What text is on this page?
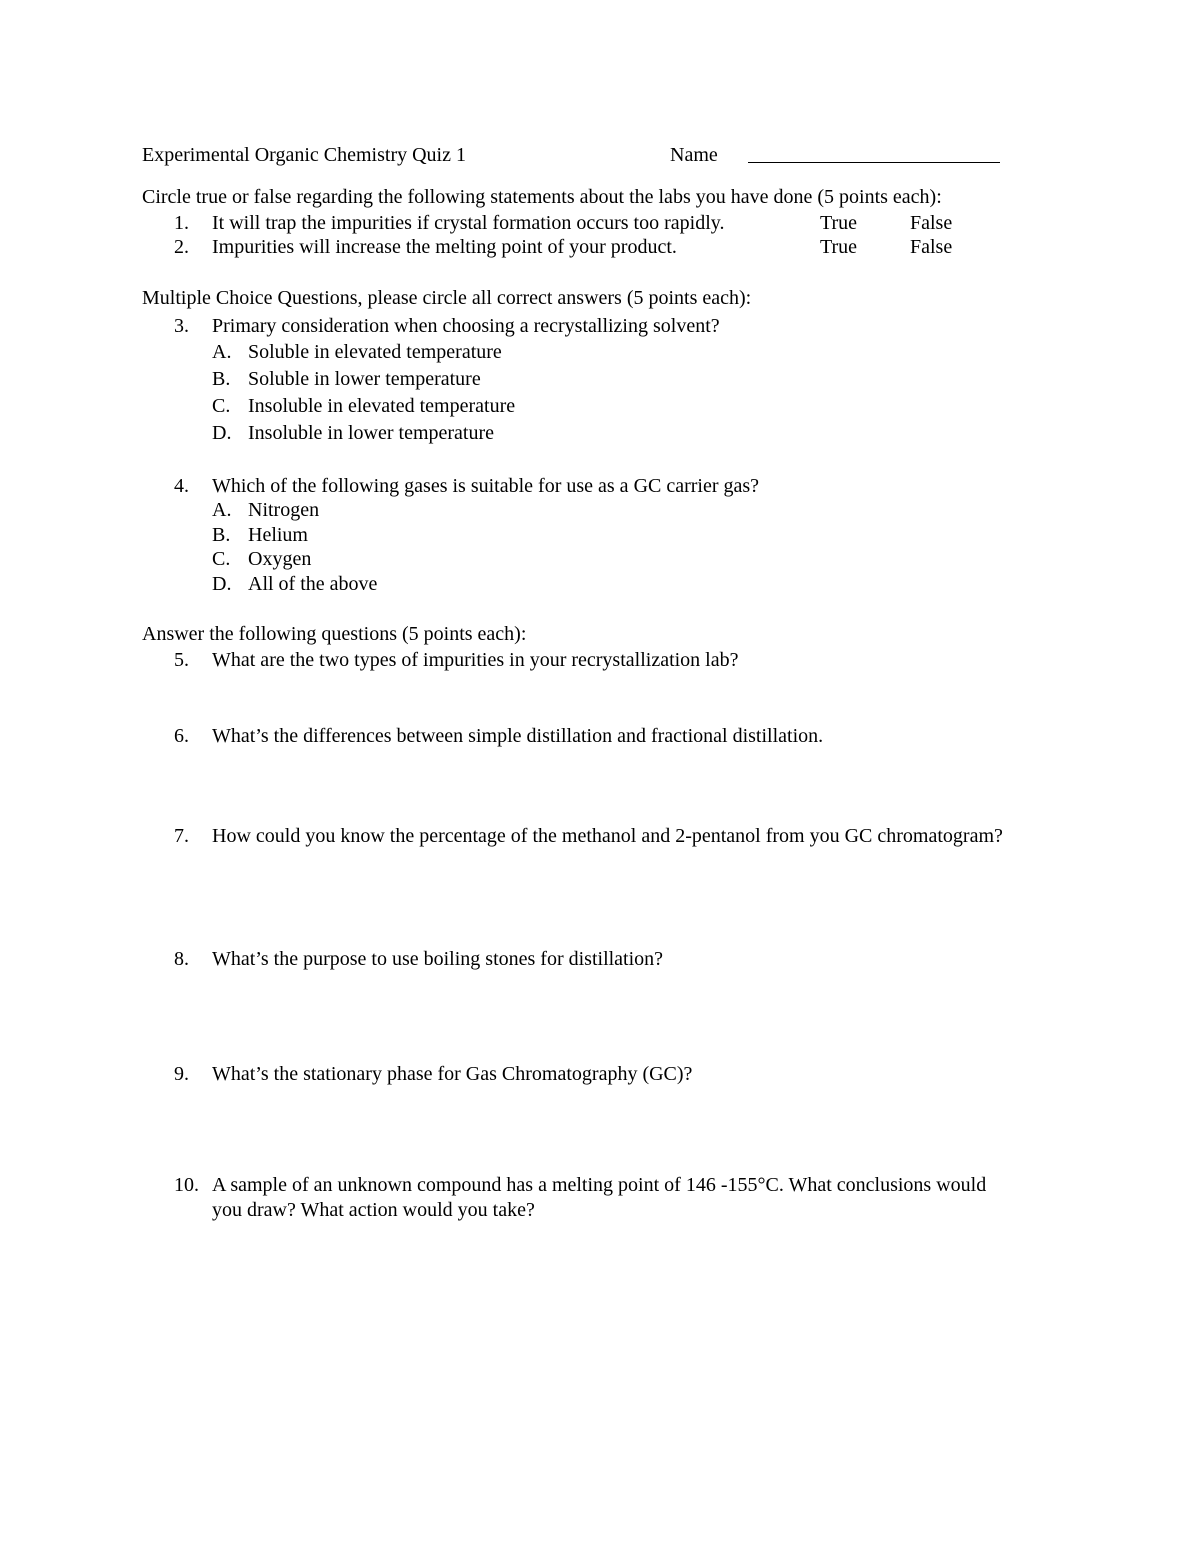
Experimental Organic Chemistry Quiz 1	Name
Circle true or false regarding the following statements about the labs you have done (5 points each):
1. It will trap the impurities if crystal formation occurs too rapidly.	True	False
2. Impurities will increase the melting point of your product.	True	False
Multiple Choice Questions, please circle all correct answers (5 points each):
3. Primary consideration when choosing a recrystallizing solvent?
A. Soluble in elevated temperature
B. Soluble in lower temperature
C. Insoluble in elevated temperature
D. Insoluble in lower temperature
4. Which of the following gases is suitable for use as a GC carrier gas?
A. Nitrogen
B. Helium
C. Oxygen
D. All of the above
Answer the following questions (5 points each):
5. What are the two types of impurities in your recrystallization lab?
6. What’s the differences between simple distillation and fractional distillation.
7. How could you know the percentage of the methanol and 2-pentanol from you GC chromatogram?
8. What’s the purpose to use boiling stones for distillation?
9. What’s the stationary phase for Gas Chromatography (GC)?
10. A sample of an unknown compound has a melting point of 146 -155°C. What conclusions would
you draw? What action would you take?
